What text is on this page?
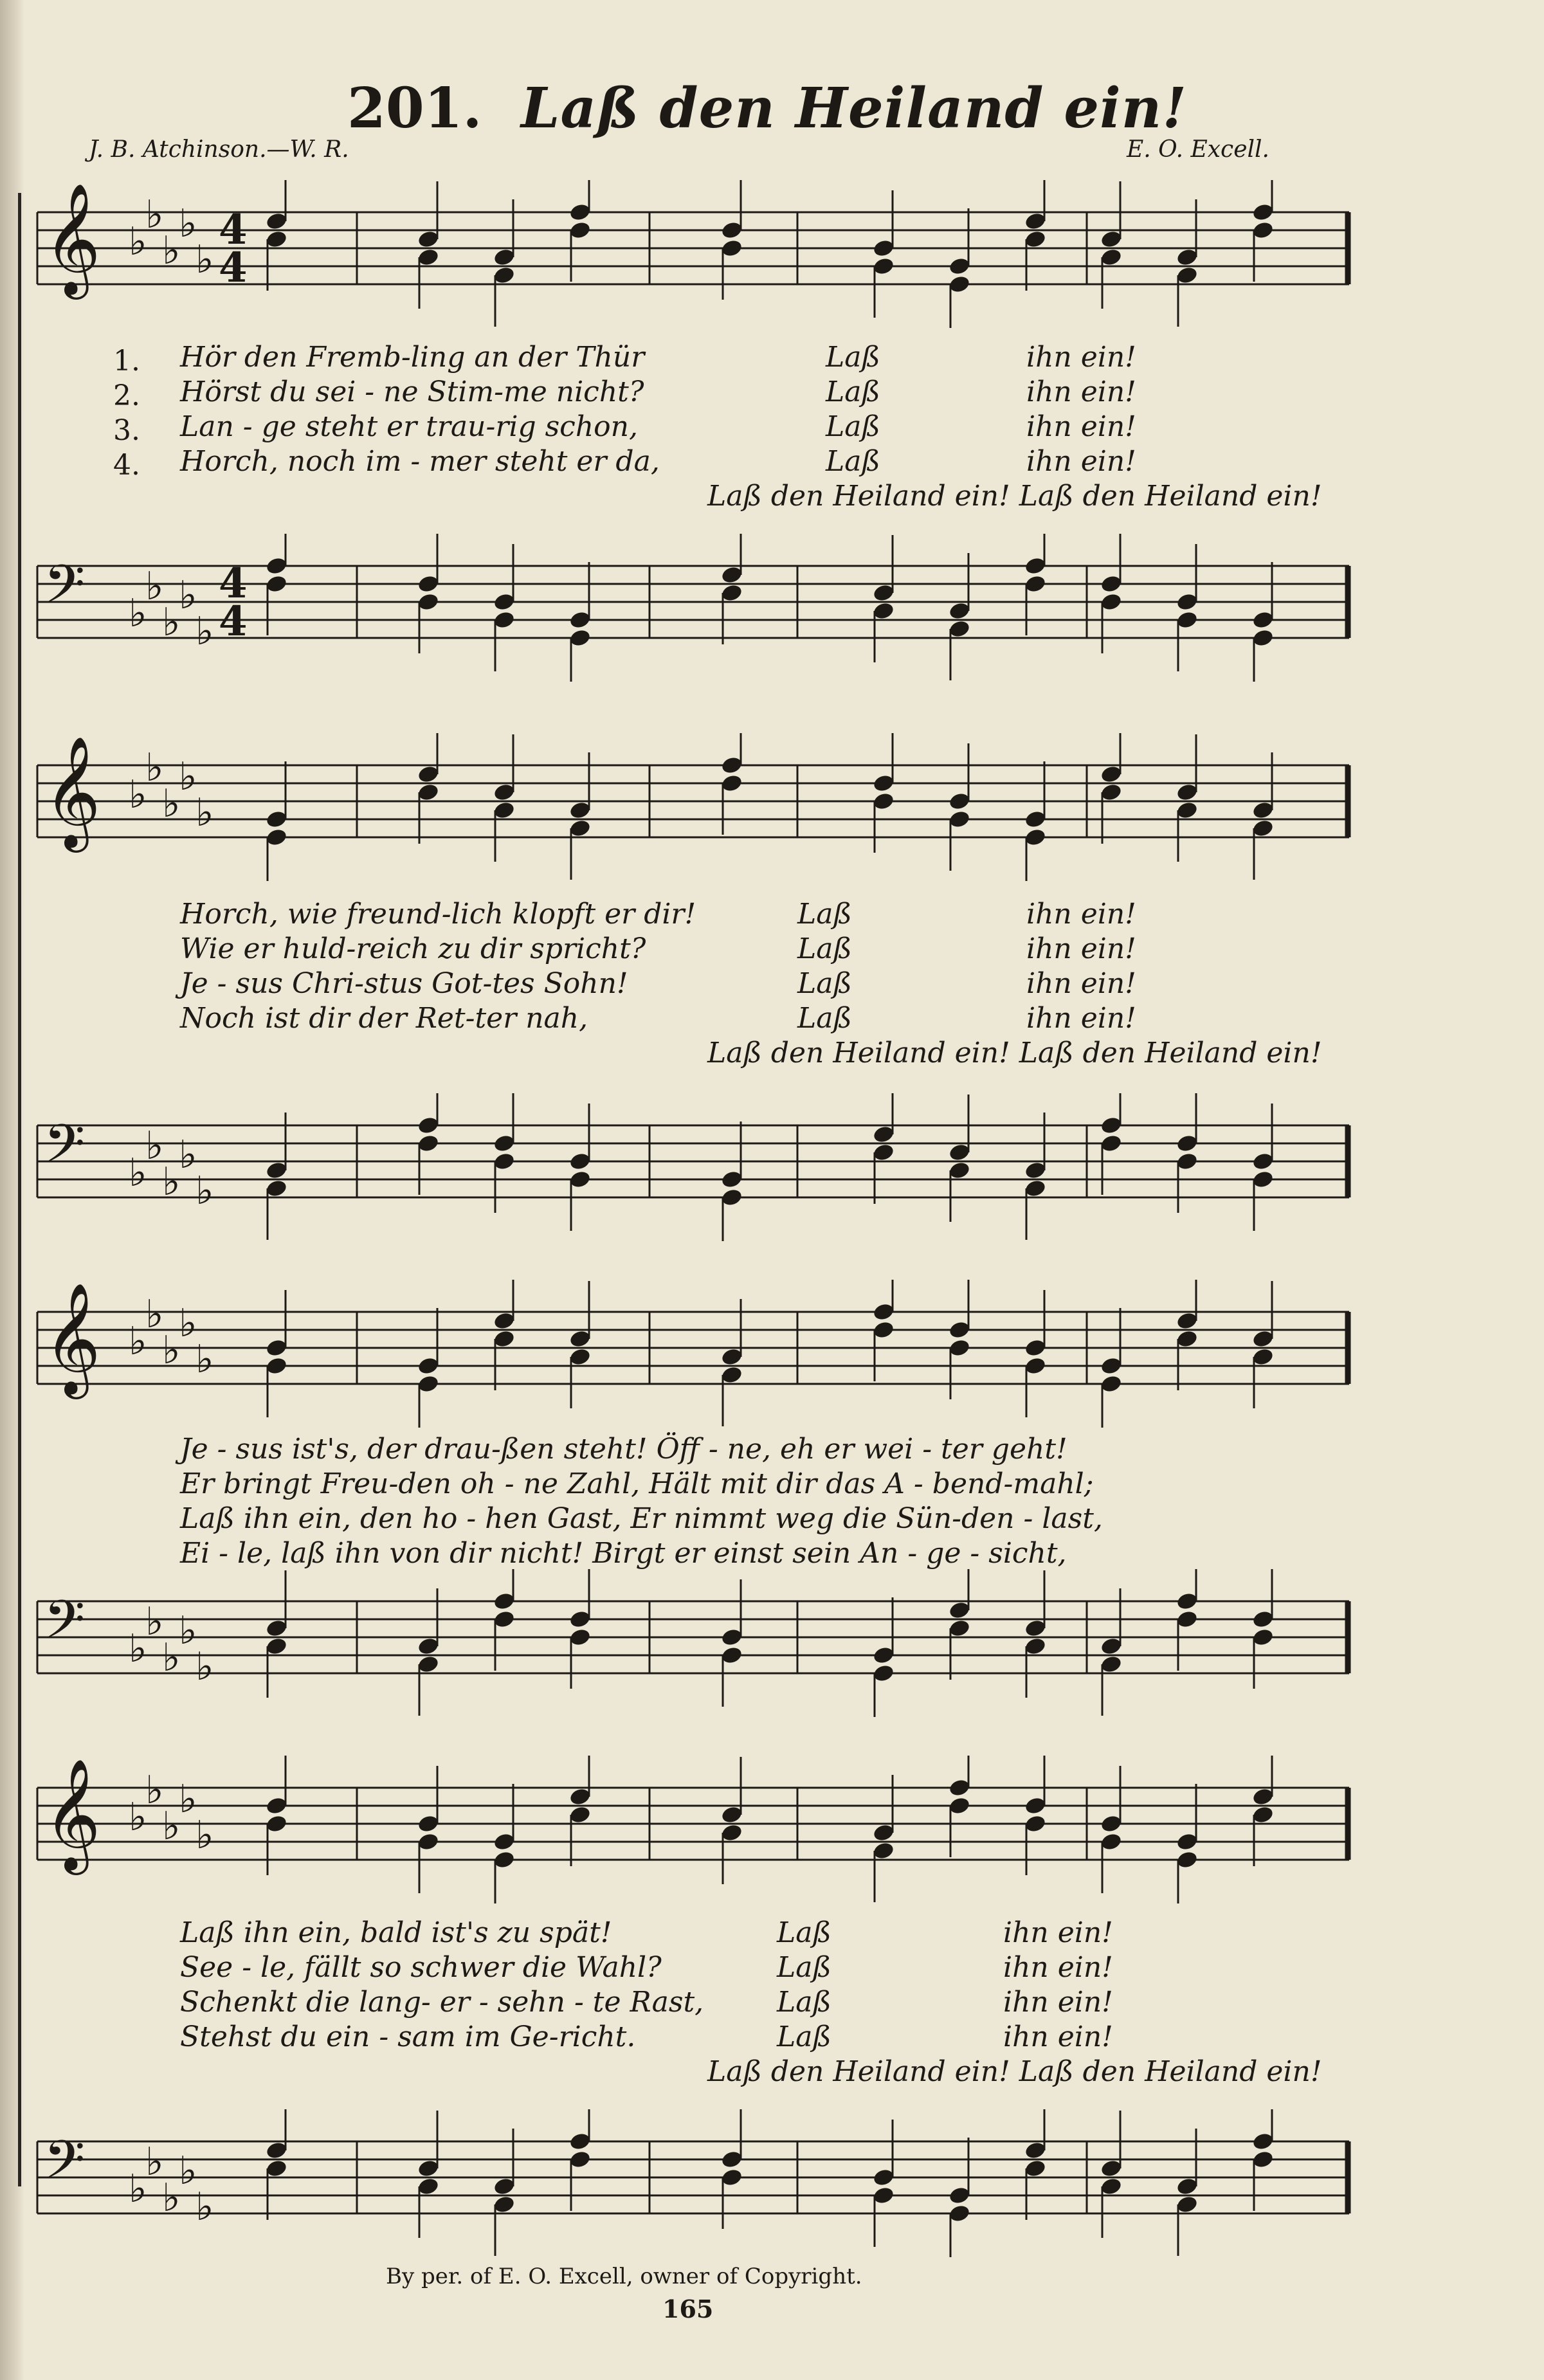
201. Laß den Heiland ein!
J. B. Atchinson.—W. R.	E. O. Excell.
𝄞 ♭
♭
♭
♭
♭
4
4
𝄢 ♭
♭
♭
♭
♭
4
4
1.
2.
3.
4.
Hör den Fremb-ling an der Thür	Laß	ihn ein!
Hörst du sei - ne Stim-me nicht?	Laß	ihn ein!
Lan - ge steht er trau-rig schon,	Laß	ihn ein!
Horch, noch im - mer steht er da,	Laß	ihn ein!
Laß den Heiland ein! Laß den Heiland ein!
𝄞 ♭
♭
♭
♭
♭
𝄢 ♭
♭
♭
♭
♭
Horch, wie freund-lich klopft er dir!	Laß	ihn ein!
Wie er huld-reich zu dir spricht?	Laß	ihn ein!
Je - sus Chri-stus Got-tes Sohn!	Laß	ihn ein!
Noch ist dir der Ret-ter nah,	Laß	ihn ein!
Laß den Heiland ein! Laß den Heiland ein!
𝄞 ♭
♭
♭
♭
♭
𝄢 ♭
♭
♭
♭
♭
Je - sus ist's, der drau-ßen steht! Öff - ne, eh er wei - ter geht!
Er bringt Freu-den oh - ne Zahl, Hält mit dir das A - bend-mahl;
Laß ihn ein, den ho - hen Gast, Er nimmt weg die Sün-den - last,
Ei - le, laß ihn von dir nicht! Birgt er einst sein An - ge - sicht,
𝄞 ♭
♭
♭
♭
♭
𝄢 ♭
♭
♭
♭
♭
Laß ihn ein, bald ist's zu spät!	Laß	ihn ein!
See - le, fällt so schwer die Wahl?	Laß	ihn ein!
Schenkt die lang- er - sehn - te Rast,	Laß	ihn ein!
Stehst du ein - sam im Ge-richt.	Laß	ihn ein!
Laß den Heiland ein! Laß den Heiland ein!
By per. of E. O. Excell, owner of Copyright.
165
